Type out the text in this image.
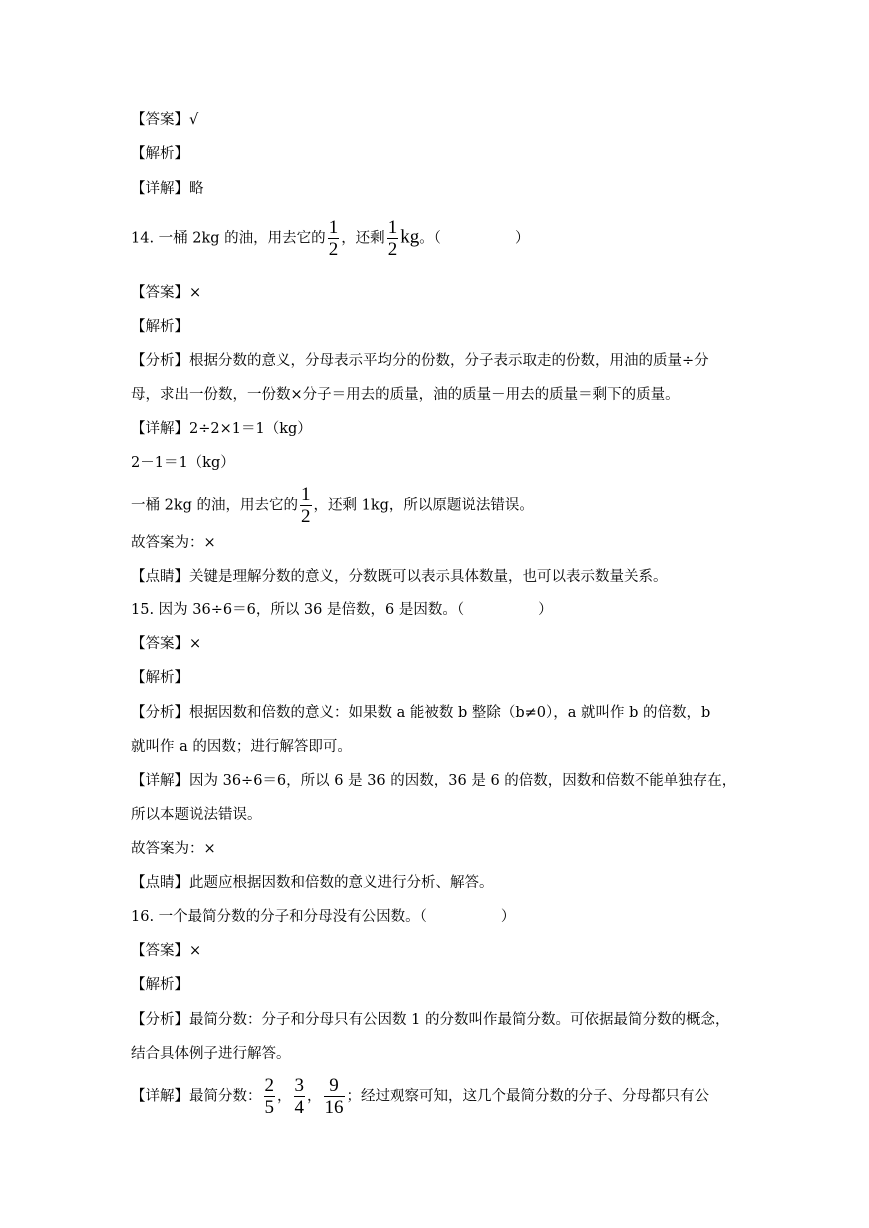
【答案】√
【解析】
【详解】略
14. 一桶 2kg 的油，用去它的 $\frac{1}{2}$ ，还剩 $\frac{1}{2}$ kg。（	）
【答案】×
【解析】
【分析】根据分数的意义，分母表示平均分的份数，分子表示取走的份数，用油的质量÷分
母，求出一份数，一份数×分子＝用去的质量，油的质量－用去的质量＝剩下的质量。
【详解】2÷2×1＝1（kg）
2－1＝1（kg）
一桶 2kg 的油，用去它的 $\frac{1}{2}$ ，还剩 1kg，所以原题说法错误。
故答案为：×
【点睛】关键是理解分数的意义，分数既可以表示具体数量，也可以表示数量关系。
15. 因为 36÷6＝6，所以 36 是倍数，6 是因数。（	）
【答案】×
【解析】
【分析】根据因数和倍数的意义：如果数 a 能被数 b 整除（b≠0），a 就叫作 b 的倍数，b
就叫作 a 的因数；进行解答即可。
【详解】因为 36÷6＝6，所以 6 是 36 的因数，36 是 6 的倍数，因数和倍数不能单独存在，
所以本题说法错误。
故答案为：×
【点睛】此题应根据因数和倍数的意义进行分析、解答。
16. 一个最简分数的分子和分母没有公因数。（	）
【答案】×
【解析】
【分析】最简分数：分子和分母只有公因数 1 的分数叫作最简分数。可依据最简分数的概念，
结合具体例子进行解答。
【详解】最简分数： $\frac{2}{5}$ ， $\frac{3}{4}$ ， $\frac{9}{16}$ ；经过观察可知，这几个最简分数的分子、分母都只有公
